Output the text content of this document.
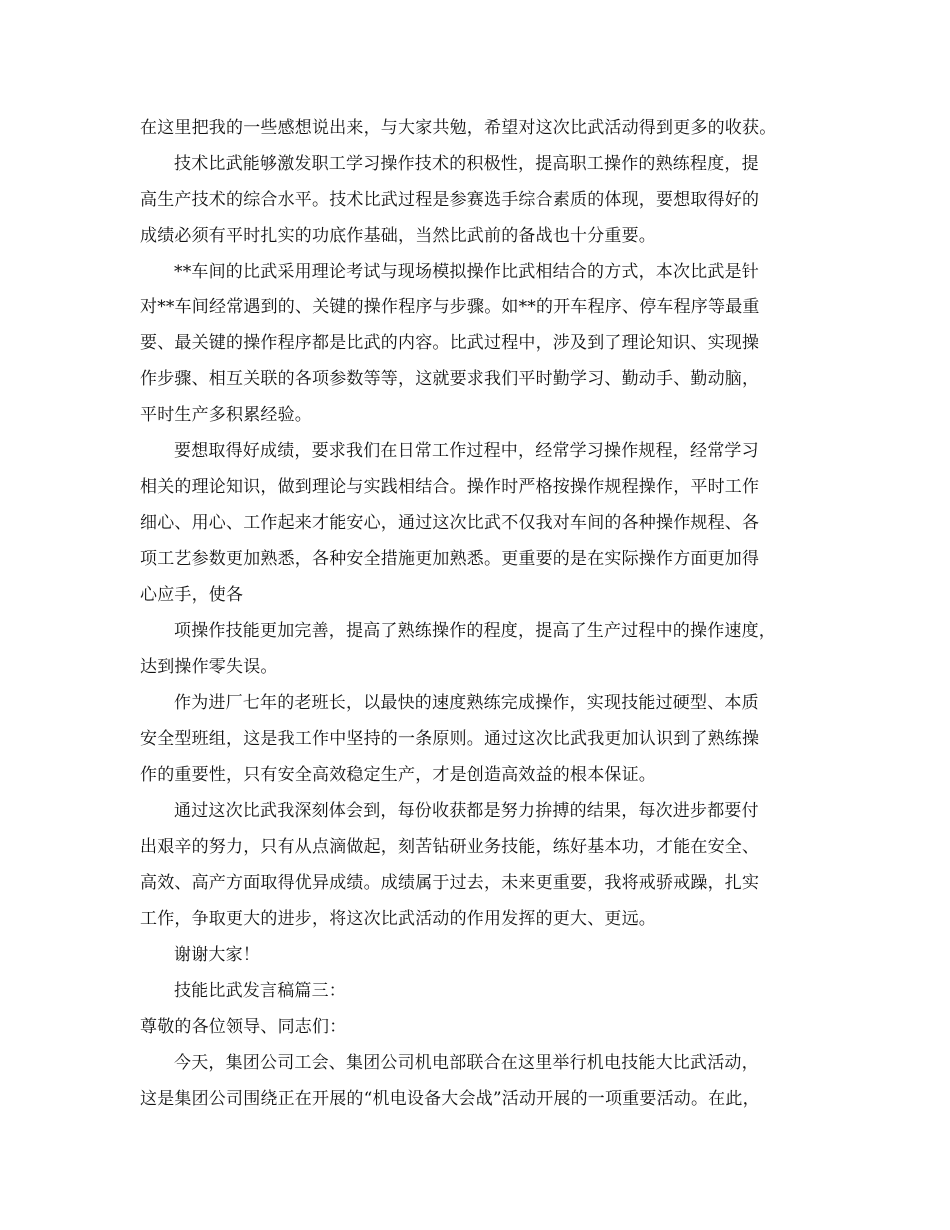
在这里把我的一些感想说出来，与大家共勉，希望对这次比武活动得到更多的收获。
技术比武能够激发职工学习操作技术的积极性，提高职工操作的熟练程度，提
高生产技术的综合水平。技术比武过程是参赛选手综合素质的体现，要想取得好的
成绩必须有平时扎实的功底作基础，当然比武前的备战也十分重要。
**车间的比武采用理论考试与现场模拟操作比武相结合的方式，本次比武是针
对**车间经常遇到的、关键的操作程序与步骤。如**的开车程序、停车程序等最重
要、最关键的操作程序都是比武的内容。比武过程中，涉及到了理论知识、实现操
作步骤、相互关联的各项参数等等，这就要求我们平时勤学习、勤动手、勤动脑，
平时生产多积累经验。
要想取得好成绩，要求我们在日常工作过程中，经常学习操作规程，经常学习
相关的理论知识，做到理论与实践相结合。操作时严格按操作规程操作，平时工作
细心、用心、工作起来才能安心，通过这次比武不仅我对车间的各种操作规程、各
项工艺参数更加熟悉，各种安全措施更加熟悉。更重要的是在实际操作方面更加得
心应手，使各
项操作技能更加完善，提高了熟练操作的程度，提高了生产过程中的操作速度，
达到操作零失误。
作为进厂七年的老班长，以最快的速度熟练完成操作，实现技能过硬型、本质
安全型班组，这是我工作中坚持的一条原则。通过这次比武我更加认识到了熟练操
作的重要性，只有安全高效稳定生产，才是创造高效益的根本保证。
通过这次比武我深刻体会到，每份收获都是努力拚搏的结果，每次进步都要付
出艰辛的努力，只有从点滴做起，刻苦钻研业务技能，练好基本功，才能在安全、
高效、高产方面取得优异成绩。成绩属于过去，未来更重要，我将戒骄戒躁，扎实
工作，争取更大的进步，将这次比武活动的作用发挥的更大、更远。
谢谢大家！
技能比武发言稿篇三：
尊敬的各位领导、同志们：
今天，集团公司工会、集团公司机电部联合在这里举行机电技能大比武活动，
这是集团公司围绕正在开展的“机电设备大会战”活动开展的一项重要活动。在此，
